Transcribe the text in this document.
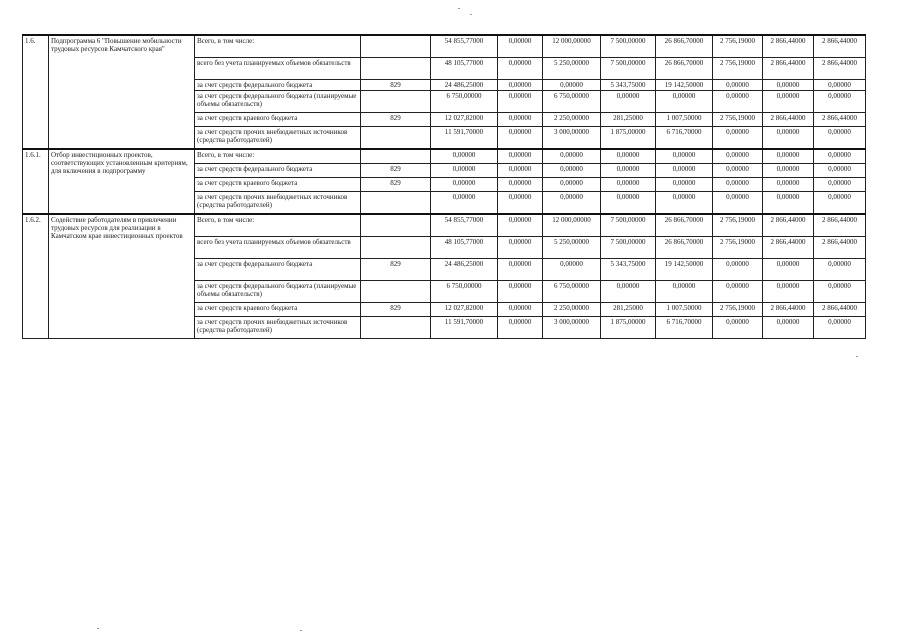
1.6.	Подпрограмма 6 "Повышение мобильности трудовых ресурсов Камчатского края"	Всего, в том числе:		54 855,77000	0,00000	12 000,00000	7 500,00000	26 866,70000	2 756,19000	2 866,44000	2 866,44000
		всего без учета планируемых объемов обязательств		48 105,77000	0,00000	5 250,00000	7 500,00000	26 866,70000	2 756,19000	2 866,44000	2 866,44000
		за счет средств федерального бюджета	829	24 486,25000	0,00000	0,00000	5 343,75000	19 142,50000	0,00000	0,00000	0,00000
		за счет средств федерального бюджета (планируемые объемы обязательств)		6 750,00000	0,00000	6 750,00000	0,00000	0,00000	0,00000	0,00000	0,00000
		за счет средств краевого бюджета	829	12 027,82000	0,00000	2 250,00000	281,25000	1 007,50000	2 756,19000	2 866,44000	2 866,44000
		за счет средств прочих внебюджетных источников (средства работодателей)		11 591,70000	0,00000	3 000,00000	1 875,00000	6 716,70000	0,00000	0,00000	0,00000
1.6.1.	Отбор инвестиционных проектов, соответствующих установленным критериям, для включения в подпрограмму	Всего, в том числе:		0,00000	0,00000	0,00000	0,00000	0,00000	0,00000	0,00000	0,00000
		за счет средств федерального бюджета	829	0,00000	0,00000	0,00000	0,00000	0,00000	0,00000	0,00000	0,00000
		за счет средств краевого бюджета	829	0,00000	0,00000	0,00000	0,00000	0,00000	0,00000	0,00000	0,00000
		за счет средств прочих внебюджетных источников (средства работодателей)		0,00000	0,00000	0,00000	0,00000	0,00000	0,00000	0,00000	0,00000
1.6.2.	Содействие работодателям в привлечении трудовых ресурсов для реализации в Камчатском крае инвестиционных проектов	Всего, в том числе:		54 855,77000	0,00000	12 000,00000	7 500,00000	26 866,70000	2 756,19000	2 866,44000	2 866,44000
		всего без учета планируемых объемов обязательств		48 105,77000	0,00000	5 250,00000	7 500,00000	26 866,70000	2 756,19000	2 866,44000	2 866,44000
		за счет средств федерального бюджета	829	24 486,25000	0,00000	0,00000	5 343,75000	19 142,50000	0,00000	0,00000	0,00000
		за счет средств федерального бюджета (планируемые объемы обязательств)		6 750,00000	0,00000	6 750,00000	0,00000	0,00000	0,00000	0,00000	0,00000
		за счет средств краевого бюджета	829	12 027,82000	0,00000	2 250,00000	281,25000	1 007,50000	2 756,19000	2 866,44000	2 866,44000
		за счет средств прочих внебюджетных источников (средства работодателей)		11 591,70000	0,00000	3 000,00000	1 875,00000	6 716,70000	0,00000	0,00000	0,00000
